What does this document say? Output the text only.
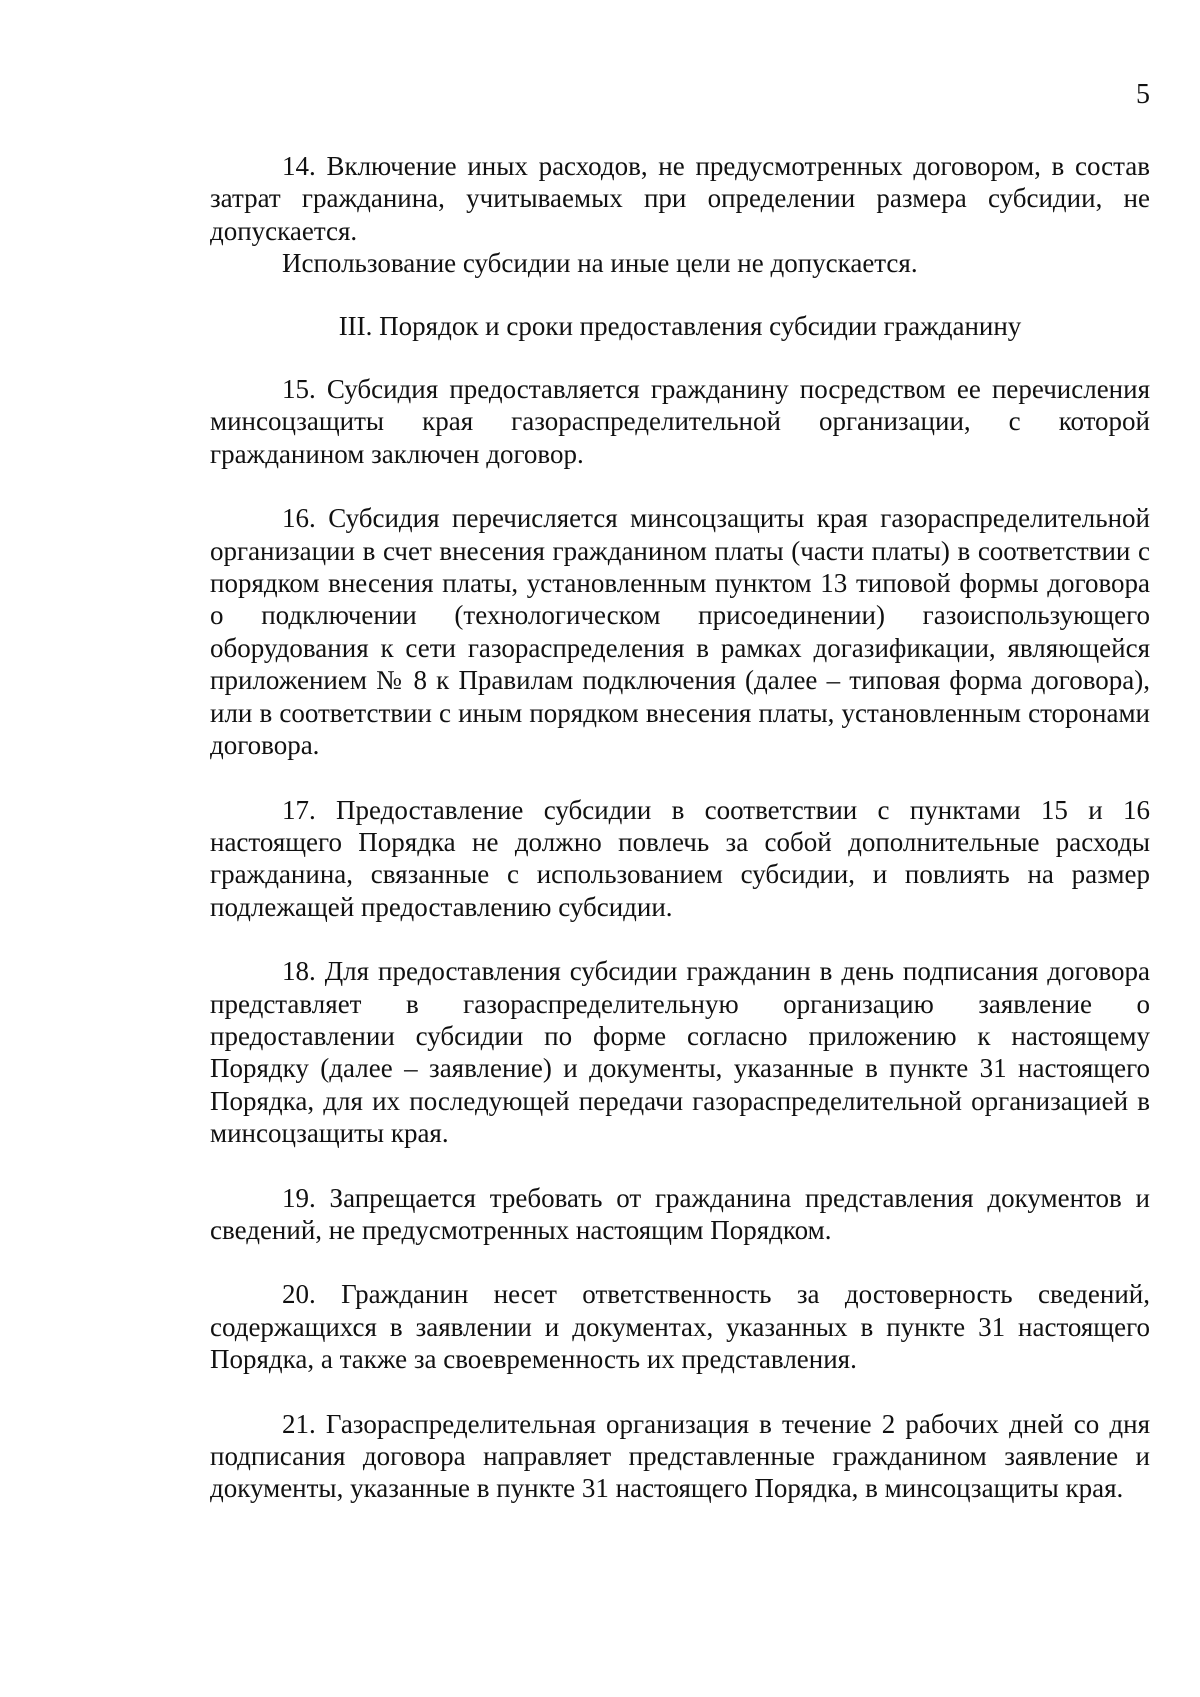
5

14. Включение иных расходов, не предусмотренных договором, в состав затрат гражданина, учитываемых при определении размера субсидии, не допускается.

Использование субсидии на иные цели не допускается.

III. Порядок и сроки предоставления субсидии гражданину

15. Субсидия предоставляется гражданину посредством ее перечисления минсоцзащиты края газораспределительной организации, с которой гражданином заключен договор.

16. Субсидия перечисляется минсоцзащиты края газораспределительной организации в счет внесения гражданином платы (части платы) в соответствии с порядком внесения платы, установленным пунктом 13 типовой формы договора о подключении (технологическом присоединении) газоиспользующего оборудования к сети газораспределения в рамках догазификации, являющейся приложением № 8 к Правилам подключения (далее – типовая форма договора), или в соответствии с иным порядком внесения платы, установленным сторонами договора.

17. Предоставление субсидии в соответствии с пунктами 15 и 16 настоящего Порядка не должно повлечь за собой дополнительные расходы гражданина, связанные с использованием субсидии, и повлиять на размер подлежащей предоставлению субсидии.

18. Для предоставления субсидии гражданин в день подписания договора представляет в газораспределительную организацию заявление о предоставлении субсидии по форме согласно приложению к настоящему Порядку (далее – заявление) и документы, указанные в пункте 31 настоящего Порядка, для их последующей передачи газораспределительной организацией в минсоцзащиты края.

19. Запрещается требовать от гражданина представления документов и сведений, не предусмотренных настоящим Порядком.

20. Гражданин несет ответственность за достоверность сведений, содержащихся в заявлении и документах, указанных в пункте 31 настоящего Порядка, а также за своевременность их представления.

21. Газораспределительная организация в течение 2 рабочих дней со дня подписания договора направляет представленные гражданином заявление и документы, указанные в пункте 31 настоящего Порядка, в минсоцзащиты края.
